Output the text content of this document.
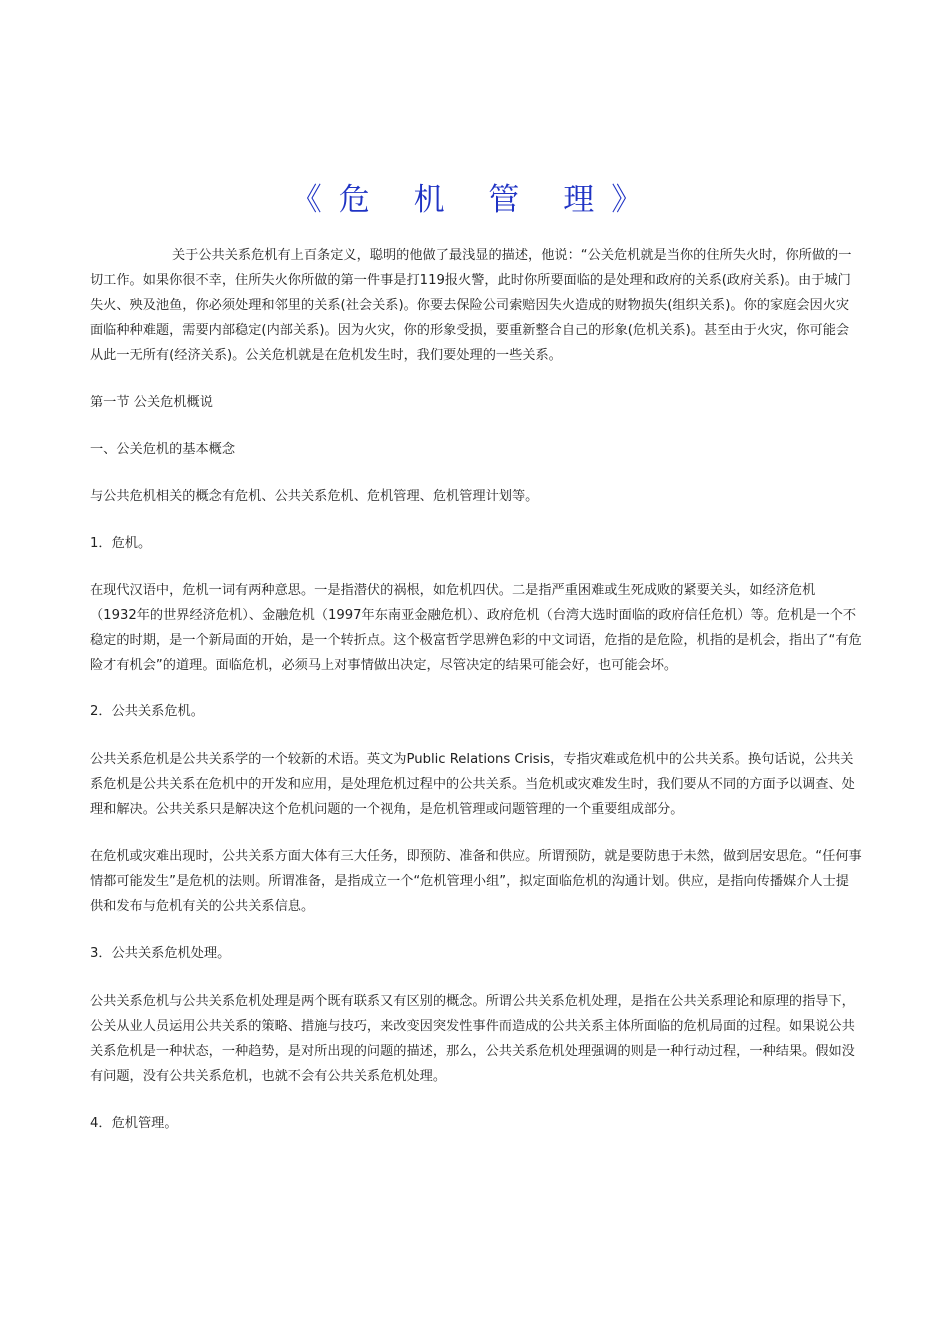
《危 机 管 理》

关于公共关系危机有上百条定义，聪明的他做了最浅显的描述，他说：“公关危机就是当你的住所失火时，你所做的一切工作。如果你很不幸，住所失火你所做的第一件事是打119报火警，此时你所要面临的是处理和政府的关系(政府关系)。由于城门失火、殃及池鱼，你必须处理和邻里的关系(社会关系)。你要去保险公司索赔因失火造成的财物损失(组织关系)。你的家庭会因火灾面临种种难题，需要内部稳定(内部关系)。因为火灾，你的形象受损，要重新整合自己的形象(危机关系)。甚至由于火灾，你可能会从此一无所有(经济关系)。公关危机就是在危机发生时，我们要处理的一些关系。

第一节 公关危机概说

一、公关危机的基本概念

与公共危机相关的概念有危机、公共关系危机、危机管理、危机管理计划等。

1．危机。

在现代汉语中，危机一词有两种意思。一是指潜伏的祸根，如危机四伏。二是指严重困难或生死成败的紧要关头，如经济危机（1932年的世界经济危机）、金融危机（1997年东南亚金融危机）、政府危机（台湾大选时面临的政府信任危机）等。危机是一个不稳定的时期，是一个新局面的开始，是一个转折点。这个极富哲学思辨色彩的中文词语，危指的是危险，机指的是机会，指出了“有危险才有机会”的道理。面临危机，必须马上对事情做出决定，尽管决定的结果可能会好，也可能会坏。

2．公共关系危机。

公共关系危机是公共关系学的一个较新的术语。英文为Public Relations Crisis，专指灾难或危机中的公共关系。换句话说，公共关系危机是公共关系在危机中的开发和应用，是处理危机过程中的公共关系。当危机或灾难发生时，我们要从不同的方面予以调查、处理和解决。公共关系只是解决这个危机问题的一个视角，是危机管理或问题管理的一个重要组成部分。

在危机或灾难出现时，公共关系方面大体有三大任务，即预防、准备和供应。所谓预防，就是要防患于未然，做到居安思危。“任何事情都可能发生”是危机的法则。所谓准备，是指成立一个“危机管理小组”，拟定面临危机的沟通计划。供应，是指向传播媒介人士提供和发布与危机有关的公共关系信息。

3．公共关系危机处理。

公共关系危机与公共关系危机处理是两个既有联系又有区别的概念。所谓公共关系危机处理，是指在公共关系理论和原理的指导下，公关从业人员运用公共关系的策略、措施与技巧，来改变因突发性事件而造成的公共关系主体所面临的危机局面的过程。如果说公共关系危机是一种状态，一种趋势，是对所出现的问题的描述，那么，公共关系危机处理强调的则是一种行动过程，一种结果。假如没有问题，没有公共关系危机，也就不会有公共关系危机处理。

4．危机管理。
